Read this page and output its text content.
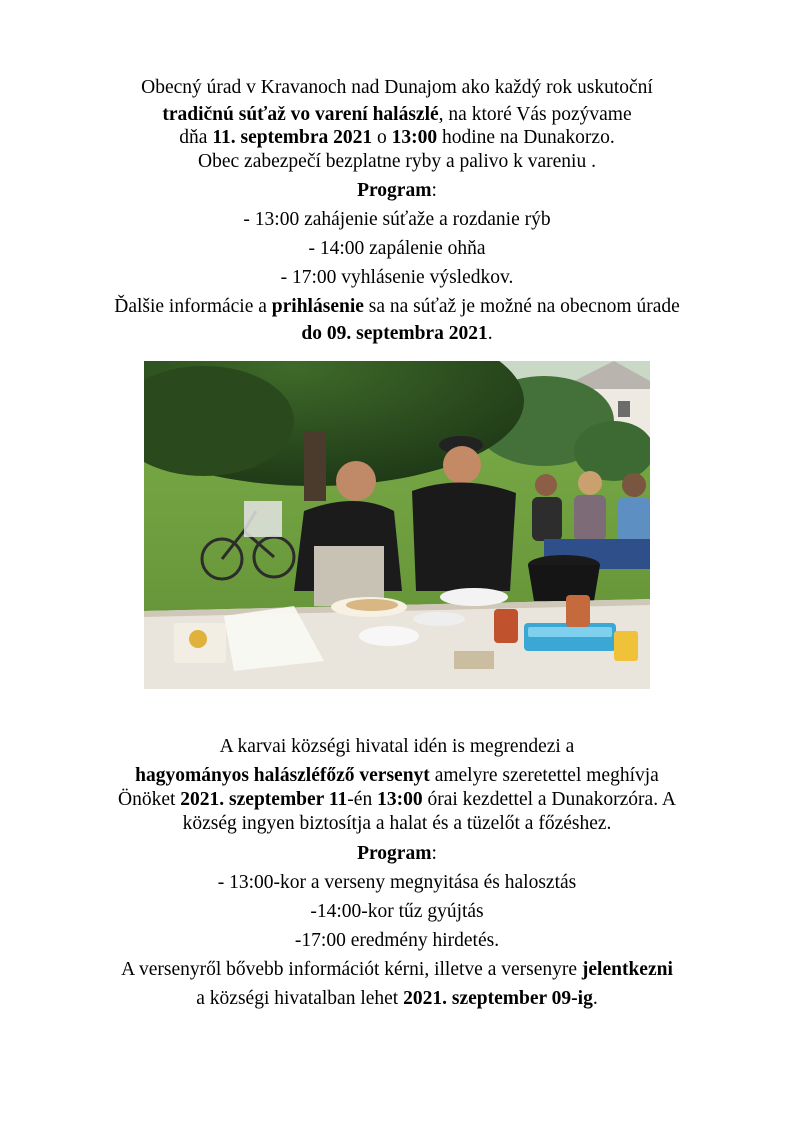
Obecný úrad v Kravanoch nad Dunajom ako každý rok uskutoční
tradičnú súťaž vo varení halászlé, na ktoré Vás pozývame
dňa 11. septembra 2021 o 13:00 hodine na Dunakorzo.
Obec zabezpečí bezplatne ryby a palivo k vareniu .
Program:
- 13:00 zahájenie súťaže a rozdanie rýb
- 14:00 zapálenie ohňa
- 17:00 vyhlásenie výsledkov.
Ďalšie informácie a prihlásenie sa na súťaž je možné na obecnom úrade
do 09. septembra 2021.

A karvai községi hivatal idén is megrendezi a
hagyományos halászléfőző versenyt amelyre szeretettel meghívja
Önöket 2021. szeptember 11-én 13:00 órai kezdettel a Dunakorzóra. A
község ingyen biztosítja a halat és a tüzelőt a főzéshez.
Program:
- 13:00-kor a verseny megnyitása és halosztás
-14:00-kor tűz gyújtás
-17:00 eredmény hirdetés.
A versenyről bővebb információt kérni, illetve a versenyre jelentkezni
a községi hivatalban lehet 2021. szeptember 09-ig.
